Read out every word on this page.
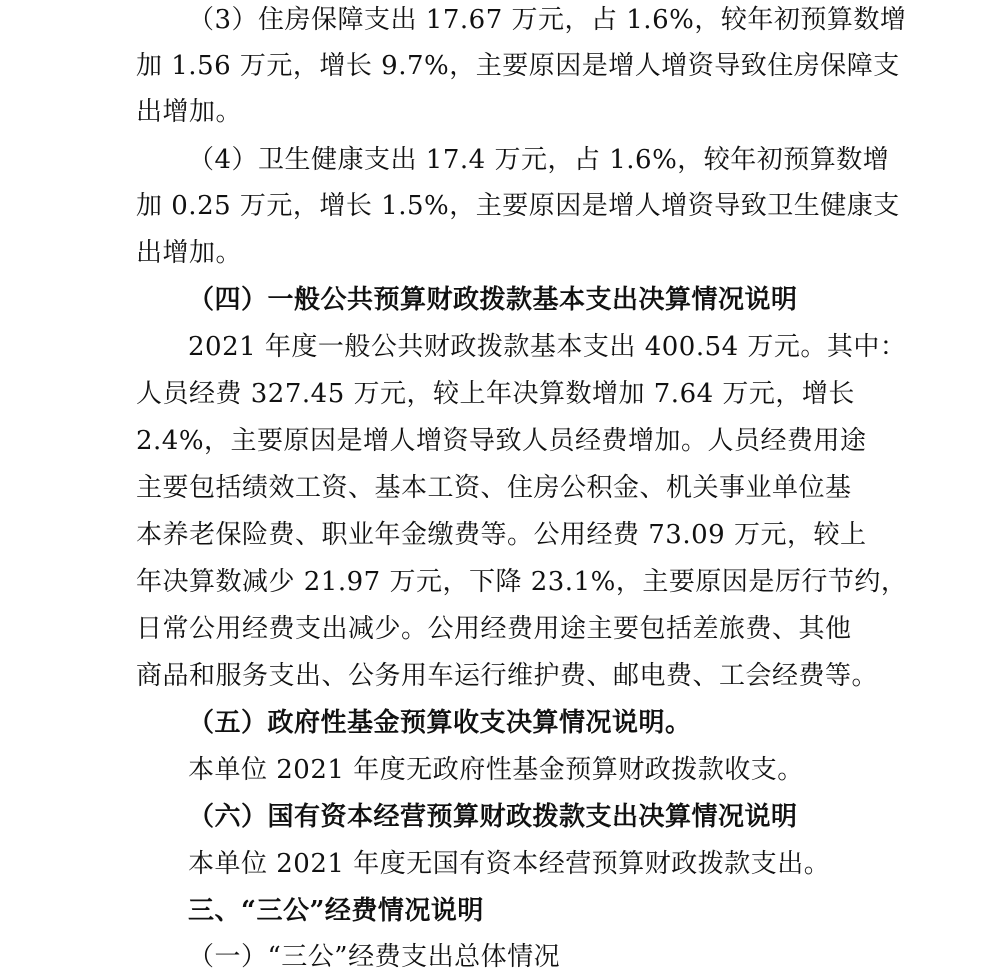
（3）住房保障支出 17.67 万元，占 1.6%，较年初预算数增
加 1.56 万元，增长 9.7%，主要原因是增人增资导致住房保障支
出增加。
（4）卫生健康支出 17.4 万元，占 1.6%，较年初预算数增
加 0.25 万元，增长 1.5%，主要原因是增人增资导致卫生健康支
出增加。
（四）一般公共预算财政拨款基本支出决算情况说明
2021 年度一般公共财政拨款基本支出 400.54 万元。其中：
人员经费 327.45 万元，较上年决算数增加 7.64 万元，增长
2.4%，主要原因是增人增资导致人员经费增加。人员经费用途
主要包括绩效工资、基本工资、住房公积金、机关事业单位基
本养老保险费、职业年金缴费等。公用经费 73.09 万元，较上
年决算数减少 21.97 万元，下降 23.1%，主要原因是厉行节约，
日常公用经费支出减少。公用经费用途主要包括差旅费、其他
商品和服务支出、公务用车运行维护费、邮电费、工会经费等。
（五）政府性基金预算收支决算情况说明。
本单位 2021 年度无政府性基金预算财政拨款收支。
（六）国有资本经营预算财政拨款支出决算情况说明
本单位 2021 年度无国有资本经营预算财政拨款支出。
三、“三公”经费情况说明
（一）“三公”经费支出总体情况
